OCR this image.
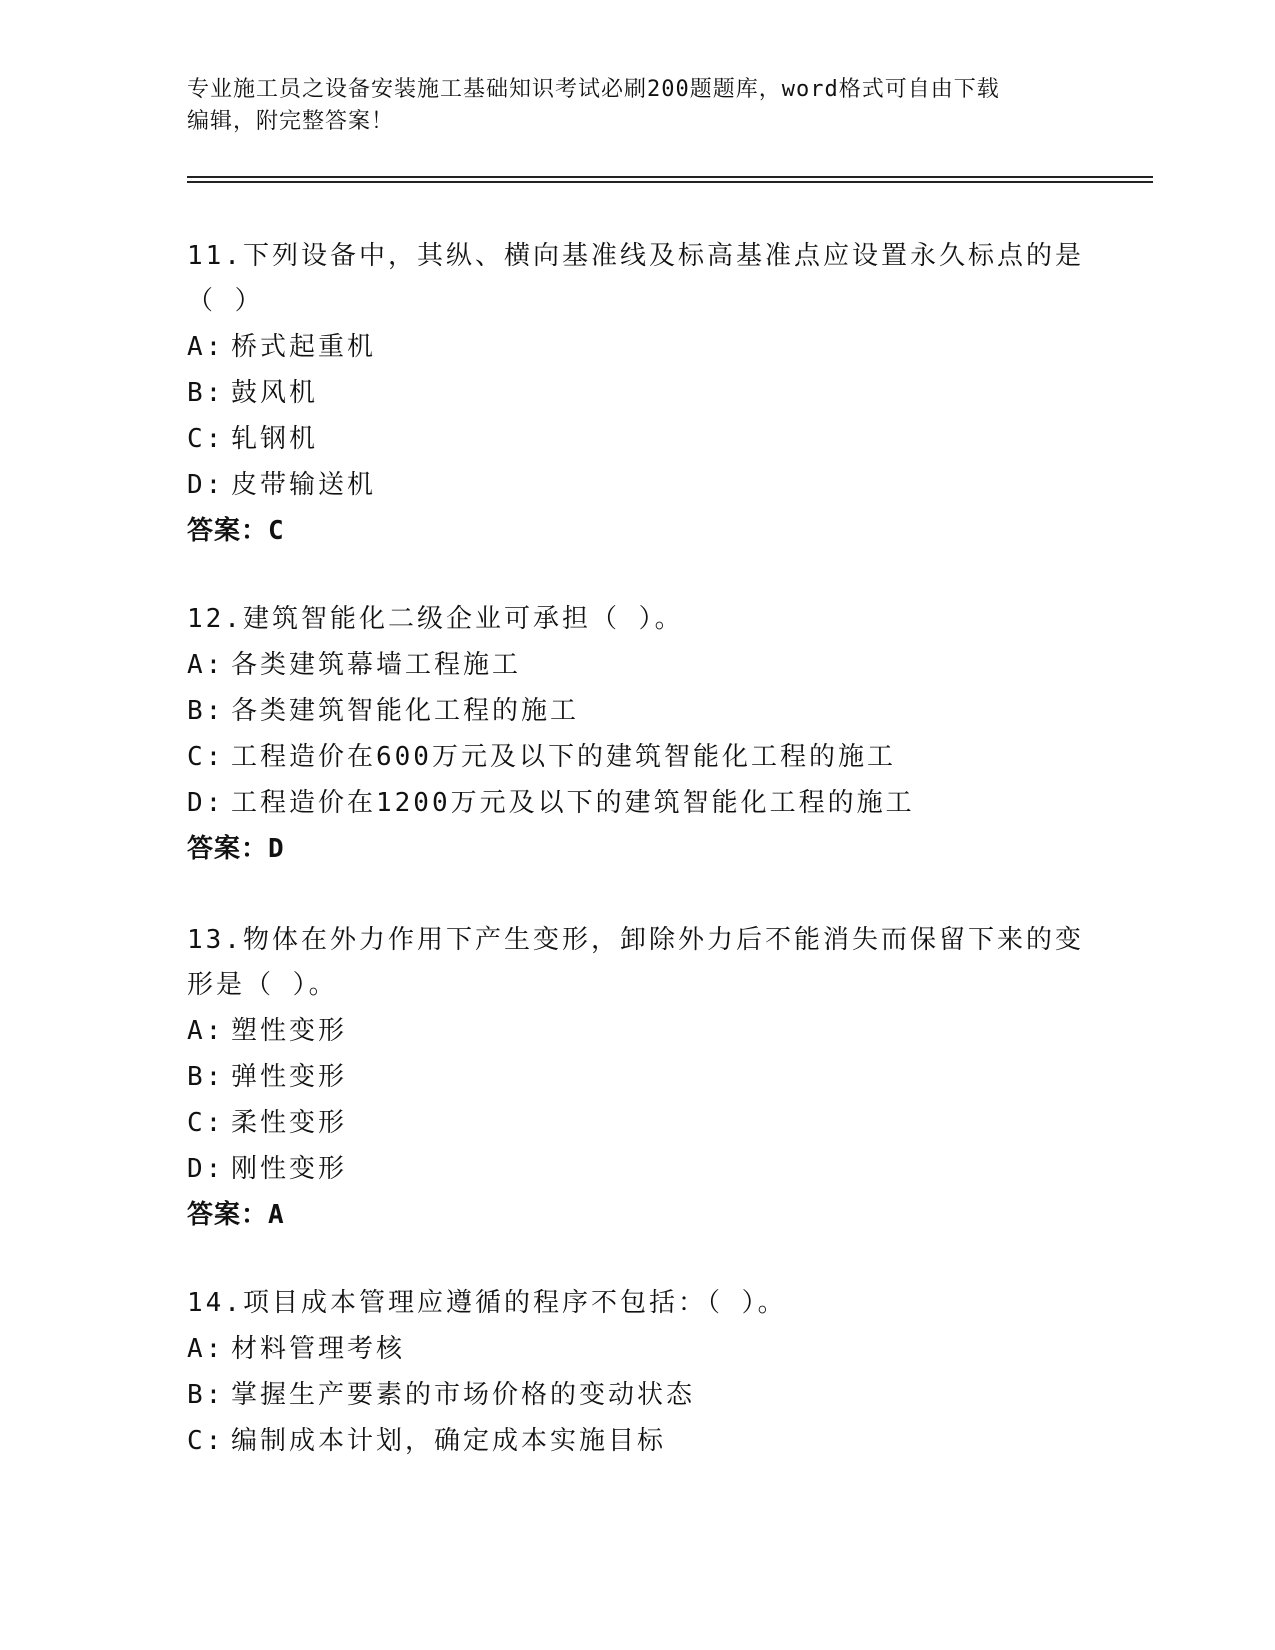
专业施工员之设备安装施工基础知识考试必刷200题题库，word格式可自由下载
编辑，附完整答案！

11.下列设备中，其纵、横向基准线及标高基准点应设置永久标点的是（ ）

A: 桥式起重机

B: 鼓风机

C: 轧钢机

D: 皮带输送机

答案：C

12.建筑智能化二级企业可承担（ ）。

A: 各类建筑幕墙工程施工

B: 各类建筑智能化工程的施工

C: 工程造价在600万元及以下的建筑智能化工程的施工

D: 工程造价在1200万元及以下的建筑智能化工程的施工

答案：D

13.物体在外力作用下产生变形，卸除外力后不能消失而保留下来的变形是（ ）。

A: 塑性变形

B: 弹性变形

C: 柔性变形

D: 刚性变形

答案：A

14.项目成本管理应遵循的程序不包括：（ ）。

A: 材料管理考核

B: 掌握生产要素的市场价格的变动状态

C: 编制成本计划，确定成本实施目标
